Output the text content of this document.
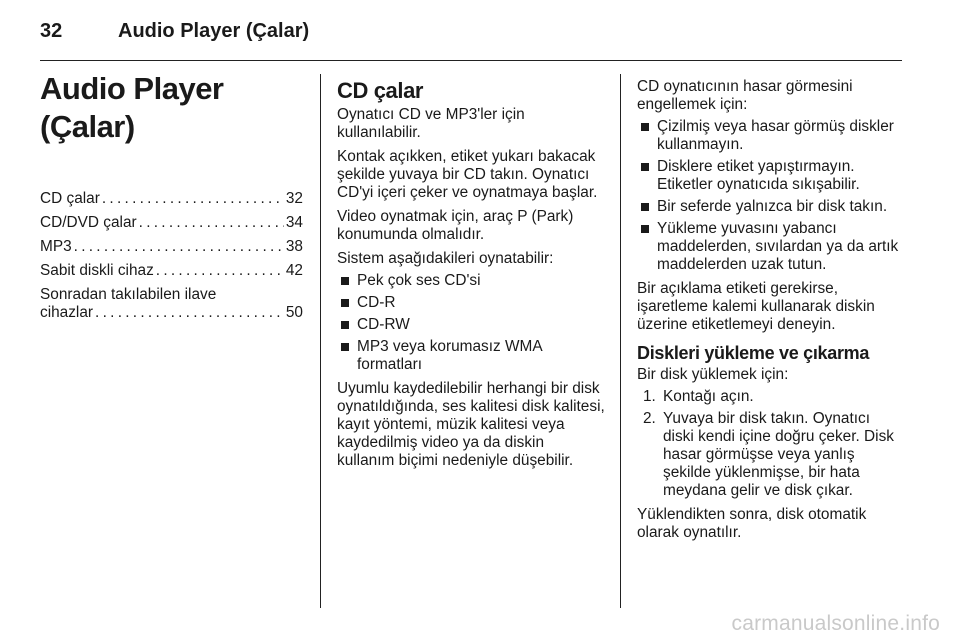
32	Audio Player (Çalar)
Audio Player (Çalar)
CD çalar . . .	32
CD/DVD çalar . . .	34
MP3 . . .	38
Sabit diskli cihaz . . .	42
Sonradan takılabilen ilave
cihazlar . . .	50
CD çalar

Oynatıcı CD ve MP3'ler için kullanılabilir.

Kontak açıkken, etiket yukarı bakacak şekilde yuvaya bir CD takın. Oynatıcı CD'yi içeri çeker ve oynatmaya başlar.

Video oynatmak için, araç P (Park) konumunda olmalıdır.

Sistem aşağıdakileri oynatabilir:

Pek çok ses CD'si
CD-R
CD-RW
MP3 veya korumasız WMA formatları

Uyumlu kaydedilebilir herhangi bir disk oynatıldığında, ses kalitesi disk kalitesi, kayıt yöntemi, müzik kalitesi veya kaydedilmiş video ya da diskin kullanım biçimi nedeniyle düşebilir.

CD oynatıcının hasar görmesini engellemek için:

Çizilmiş veya hasar görmüş diskler kullanmayın.
Disklere etiket yapıştırmayın. Etiketler oynatıcıda sıkışabilir.
Bir seferde yalnızca bir disk takın.
Yükleme yuvasını yabancı maddelerden, sıvılardan ya da artık maddelerden uzak tutun.

Bir açıklama etiketi gerekirse, işaretleme kalemi kullanarak diskin üzerine etiketlemeyi deneyin.

Diskleri yükleme ve çıkarma

Bir disk yüklemek için:

1. Kontağı açın.
2. Yuvaya bir disk takın. Oynatıcı diski kendi içine doğru çeker. Disk hasar görmüşse veya yanlış şekilde yüklenmişse, bir hata meydana gelir ve disk çıkar.

Yüklendikten sonra, disk otomatik olarak oynatılır.

carmanualsonline.info
